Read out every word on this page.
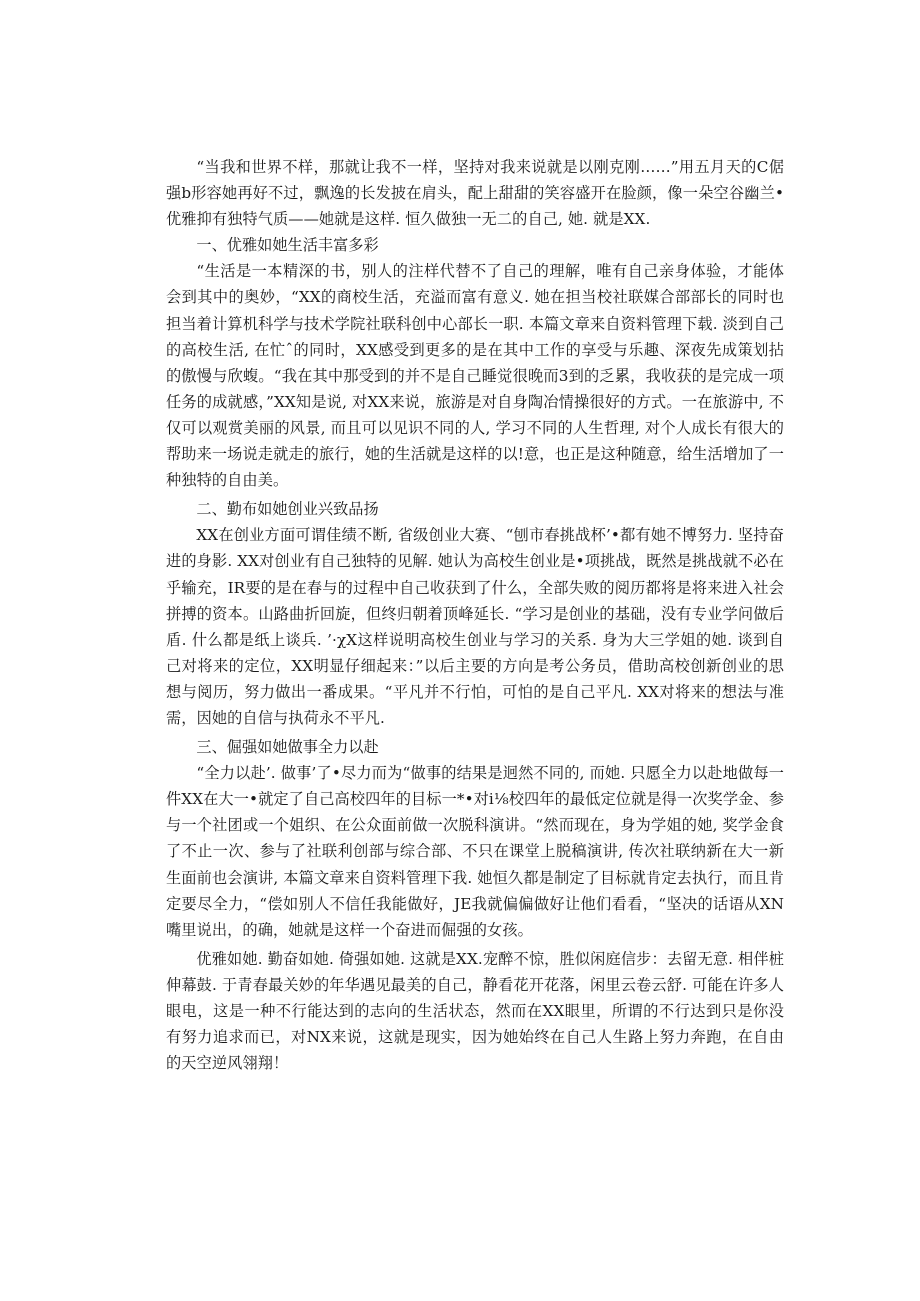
“当我和世界不样，那就让我不一样，坚持对我来说就是以刚克刚……”用五月天的C倨强b形容她再好不过，飘逸的长发披在肩头，配上甜甜的笑容盛开在脸颜，像一朵空谷幽兰•优雅抑有独特气质——她就是这样. 恒久做独一无二的自己, 她. 就是XX.

一、优雅如她生活丰富多彩

“生活是一本精深的书，别人的注样代替不了自己的理解，唯有自己亲身体验，才能体会到其中的奥妙，“XX的商校生活，充溢而富有意义. 她在担当校社联媒合部部长的同时也担当着计算机科学与技术学院社联科创中心部长一职. 本篇文章来自资料管理下载. 淡到自己的高校生活, 在忙ˆ的同时，XX感受到更多的是在其中工作的享受与乐趣、深夜先成策划拈的傲慢与欣蝮。“我在其中那受到的并不是自己睡觉很晚而3到的乏累，我收获的是完成一项任务的成就感，”XX知是说, 对XX来说，旅游是对自身陶冶情操很好的方式。一在旅游中, 不仅可以观赏美丽的风景, 而且可以见识不同的人, 学习不同的人生哲理, 对个人成长有很大的帮助来一场说走就走的旅行，她的生活就是这样的以!意，也正是这种随意，给生活增加了一种独特的自由美。

二、勤布如她创业兴致品扬

XX在创业方面可谓佳绩不断, 省级创业大赛、“刨市春挑战杯’•都有她不博努力. 坚持奋进的身影. XX对创业有自己独特的见解. 她认为高校生创业是•项挑战，既然是挑战就不必在乎输充，IR要的是在春与的过程中自己收获到了什么，全部失败的阅历都将是将来进入社会拼搏的资本。山路曲折回旋，但终归朝着顶峰延长. “学习是创业的基础，没有专业学问做后盾. 什么都是纸上谈兵. ’·χX这样说明高校生创业与学习的关系. 身为大三学姐的她. 谈到自己对将来的定位，XX明显仔细起来：”以后主要的方向是考公务员，借助高校创新创业的思想与阅历，努力做出一番成果。“平凡并不行怕，可怕的是自己平凡. XX对将来的想法与准需，因她的自信与执荷永不平凡.

三、倔强如她做事全力以赴

“全力以赴’. 做事’了•尽力而为“做事的结果是迥然不同的, 而她. 只愿全力以赴地做每一件XX在大一•就定了自己高校四年的目标一*•对i⅛校四年的最低定位就是得一次奖学金、参与一个社团或一个姐织、在公众面前做一次脱科演讲。“然而现在，身为学姐的她, 奖学金食了不止一次、参与了社联利创部与综合部、不只在课堂上脱稿演讲, 传次社联纳新在大一新生面前也会演讲, 本篇文章来自资料管理下我. 她恒久都是制定了目标就肯定去执行，而且肯定要尽全力，“偿如别人不信任我能做好，JE我就偏偏做好让他们看看，“坚决的话语从XN嘴里说出，的确，她就是这样一个奋进而倔强的女孩。

优雅如她. 勤奋如她. 倚强如她. 这就是XX.宠醉不惊，胜似闲庭信步：去留无意. 相伴桩伸幕鼓. 于青春最关妙的年华遇见最美的自己，静看花开花落，闲里云卷云舒. 可能在许多人眼电，这是一种不行能达到的志向的生活状态，然而在XX眼里，所谓的不行达到只是你没有努力追求而已，对NX来说，这就是现实，因为她始终在自己人生路上努力奔跑，在自由的天空逆风翎翔！
